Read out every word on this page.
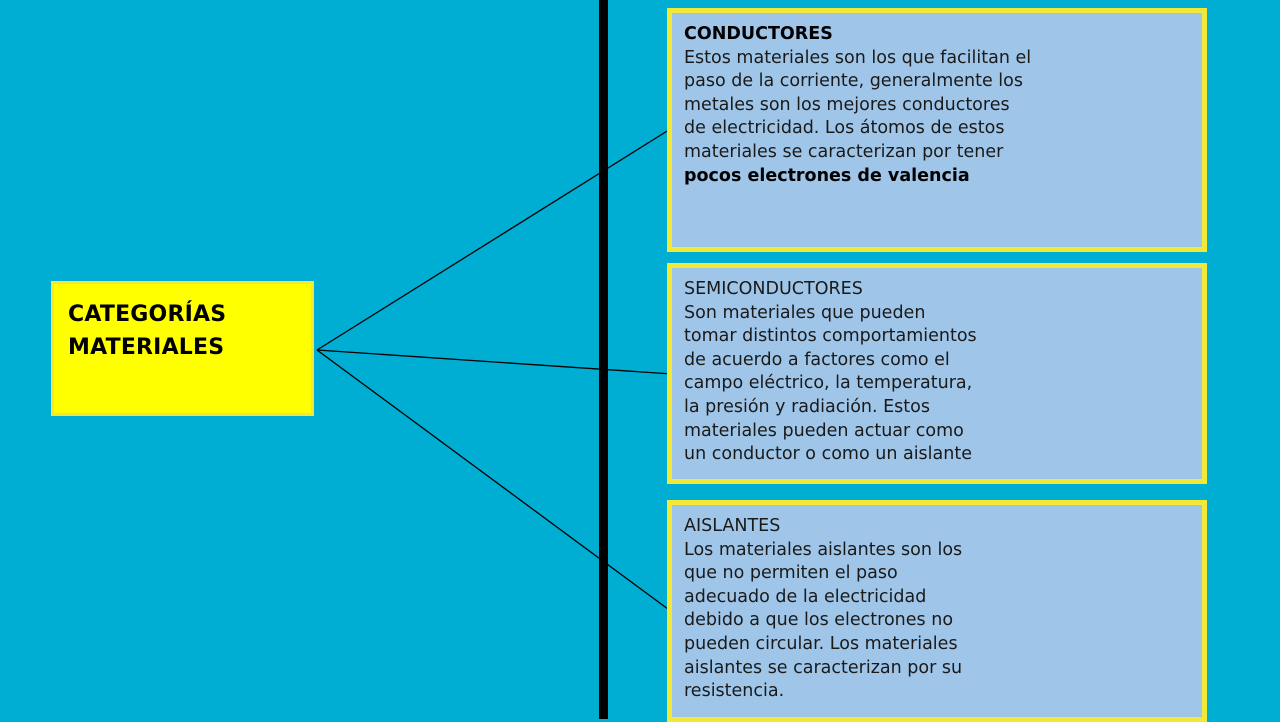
CATEGORÍAS
MATERIALES
CONDUCTORES
Estos materiales son los que facilitan el
paso de la corriente, generalmente los
metales son los mejores conductores
de electricidad. Los átomos de estos
materiales se caracterizan por tener
pocos electrones de valencia
SEMICONDUCTORES
Son materiales que pueden
tomar distintos comportamientos
de acuerdo a factores como el
campo eléctrico, la temperatura,
la presión y radiación. Estos
materiales pueden actuar como
un conductor o como un aislante
AISLANTES
Los materiales aislantes son los
que no permiten el paso
adecuado de la electricidad
debido a que los electrones no
pueden circular. Los materiales
aislantes se caracterizan por su
resistencia.
